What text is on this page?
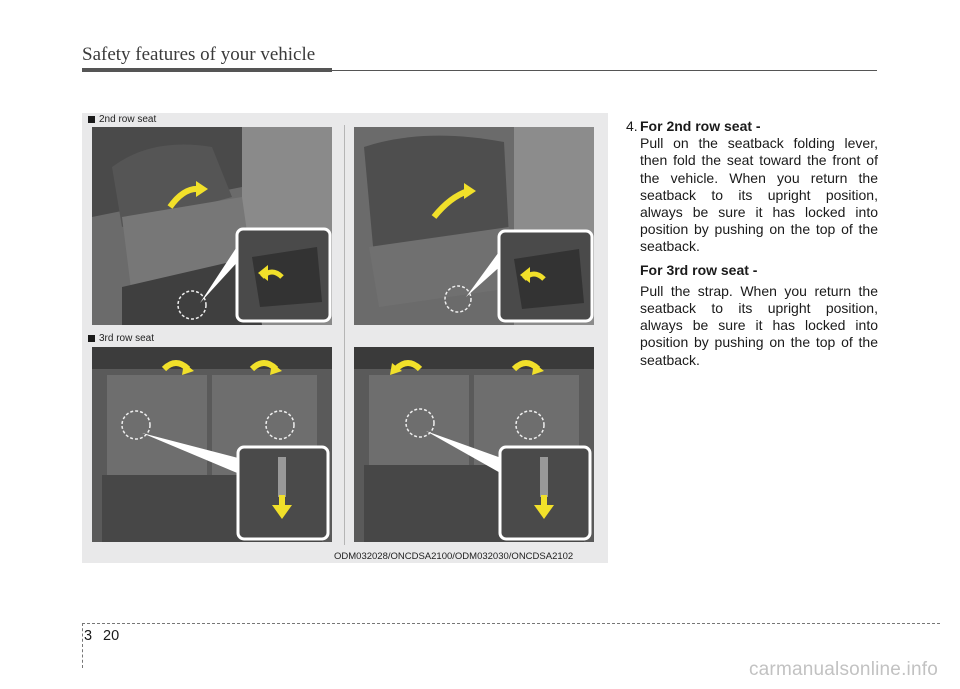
Safety features of your vehicle
2nd row seat
3rd row seat
ODM032028/ONCDSA2100/ODM032030/ONCDSA2102
4. For 2nd row seat -
Pull on the seatback folding lever, then fold the seat toward the front of the vehicle. When you return the seatback to its upright position, always be sure it has locked into position by pushing on the top of the seatback.
For 3rd row seat -
Pull the strap. When you return the seatback to its upright position, always be sure it has locked into position by pushing on the top of the seatback.
3 20
carmanualsonline.info
